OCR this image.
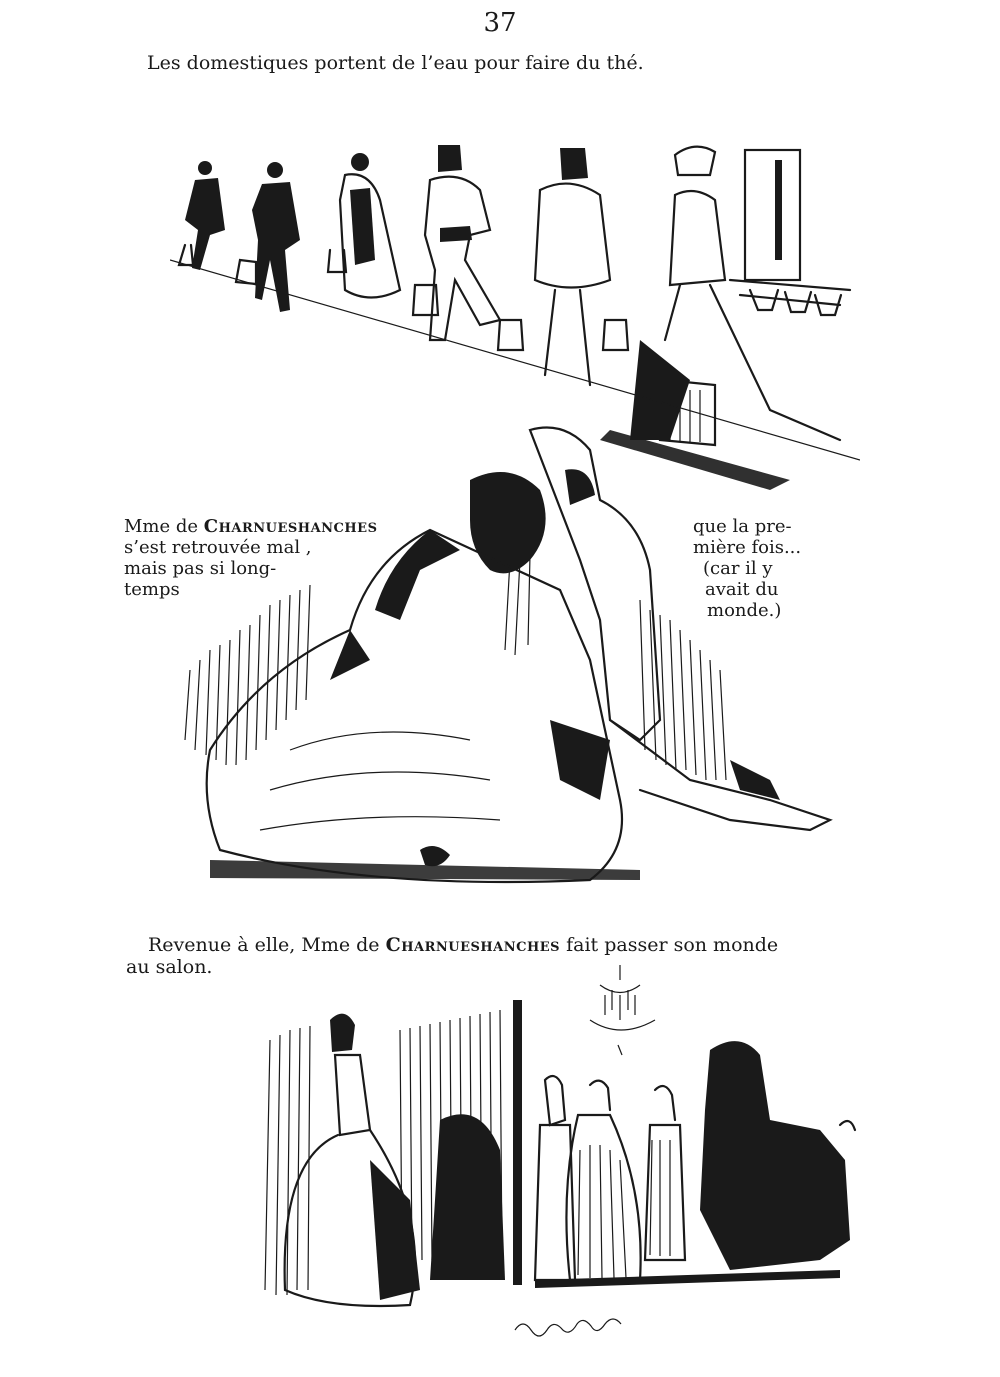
37
Les domestiques portent de l’eau pour faire du thé.
Mme de Charnueshanches
s’est retrouvée mal ,
mais pas si long-
temps
que la pre-
mière fois...
(car il y
avait du
monde.)
Revenue à elle, Mme de Charnueshanches fait passer son monde
au salon.
